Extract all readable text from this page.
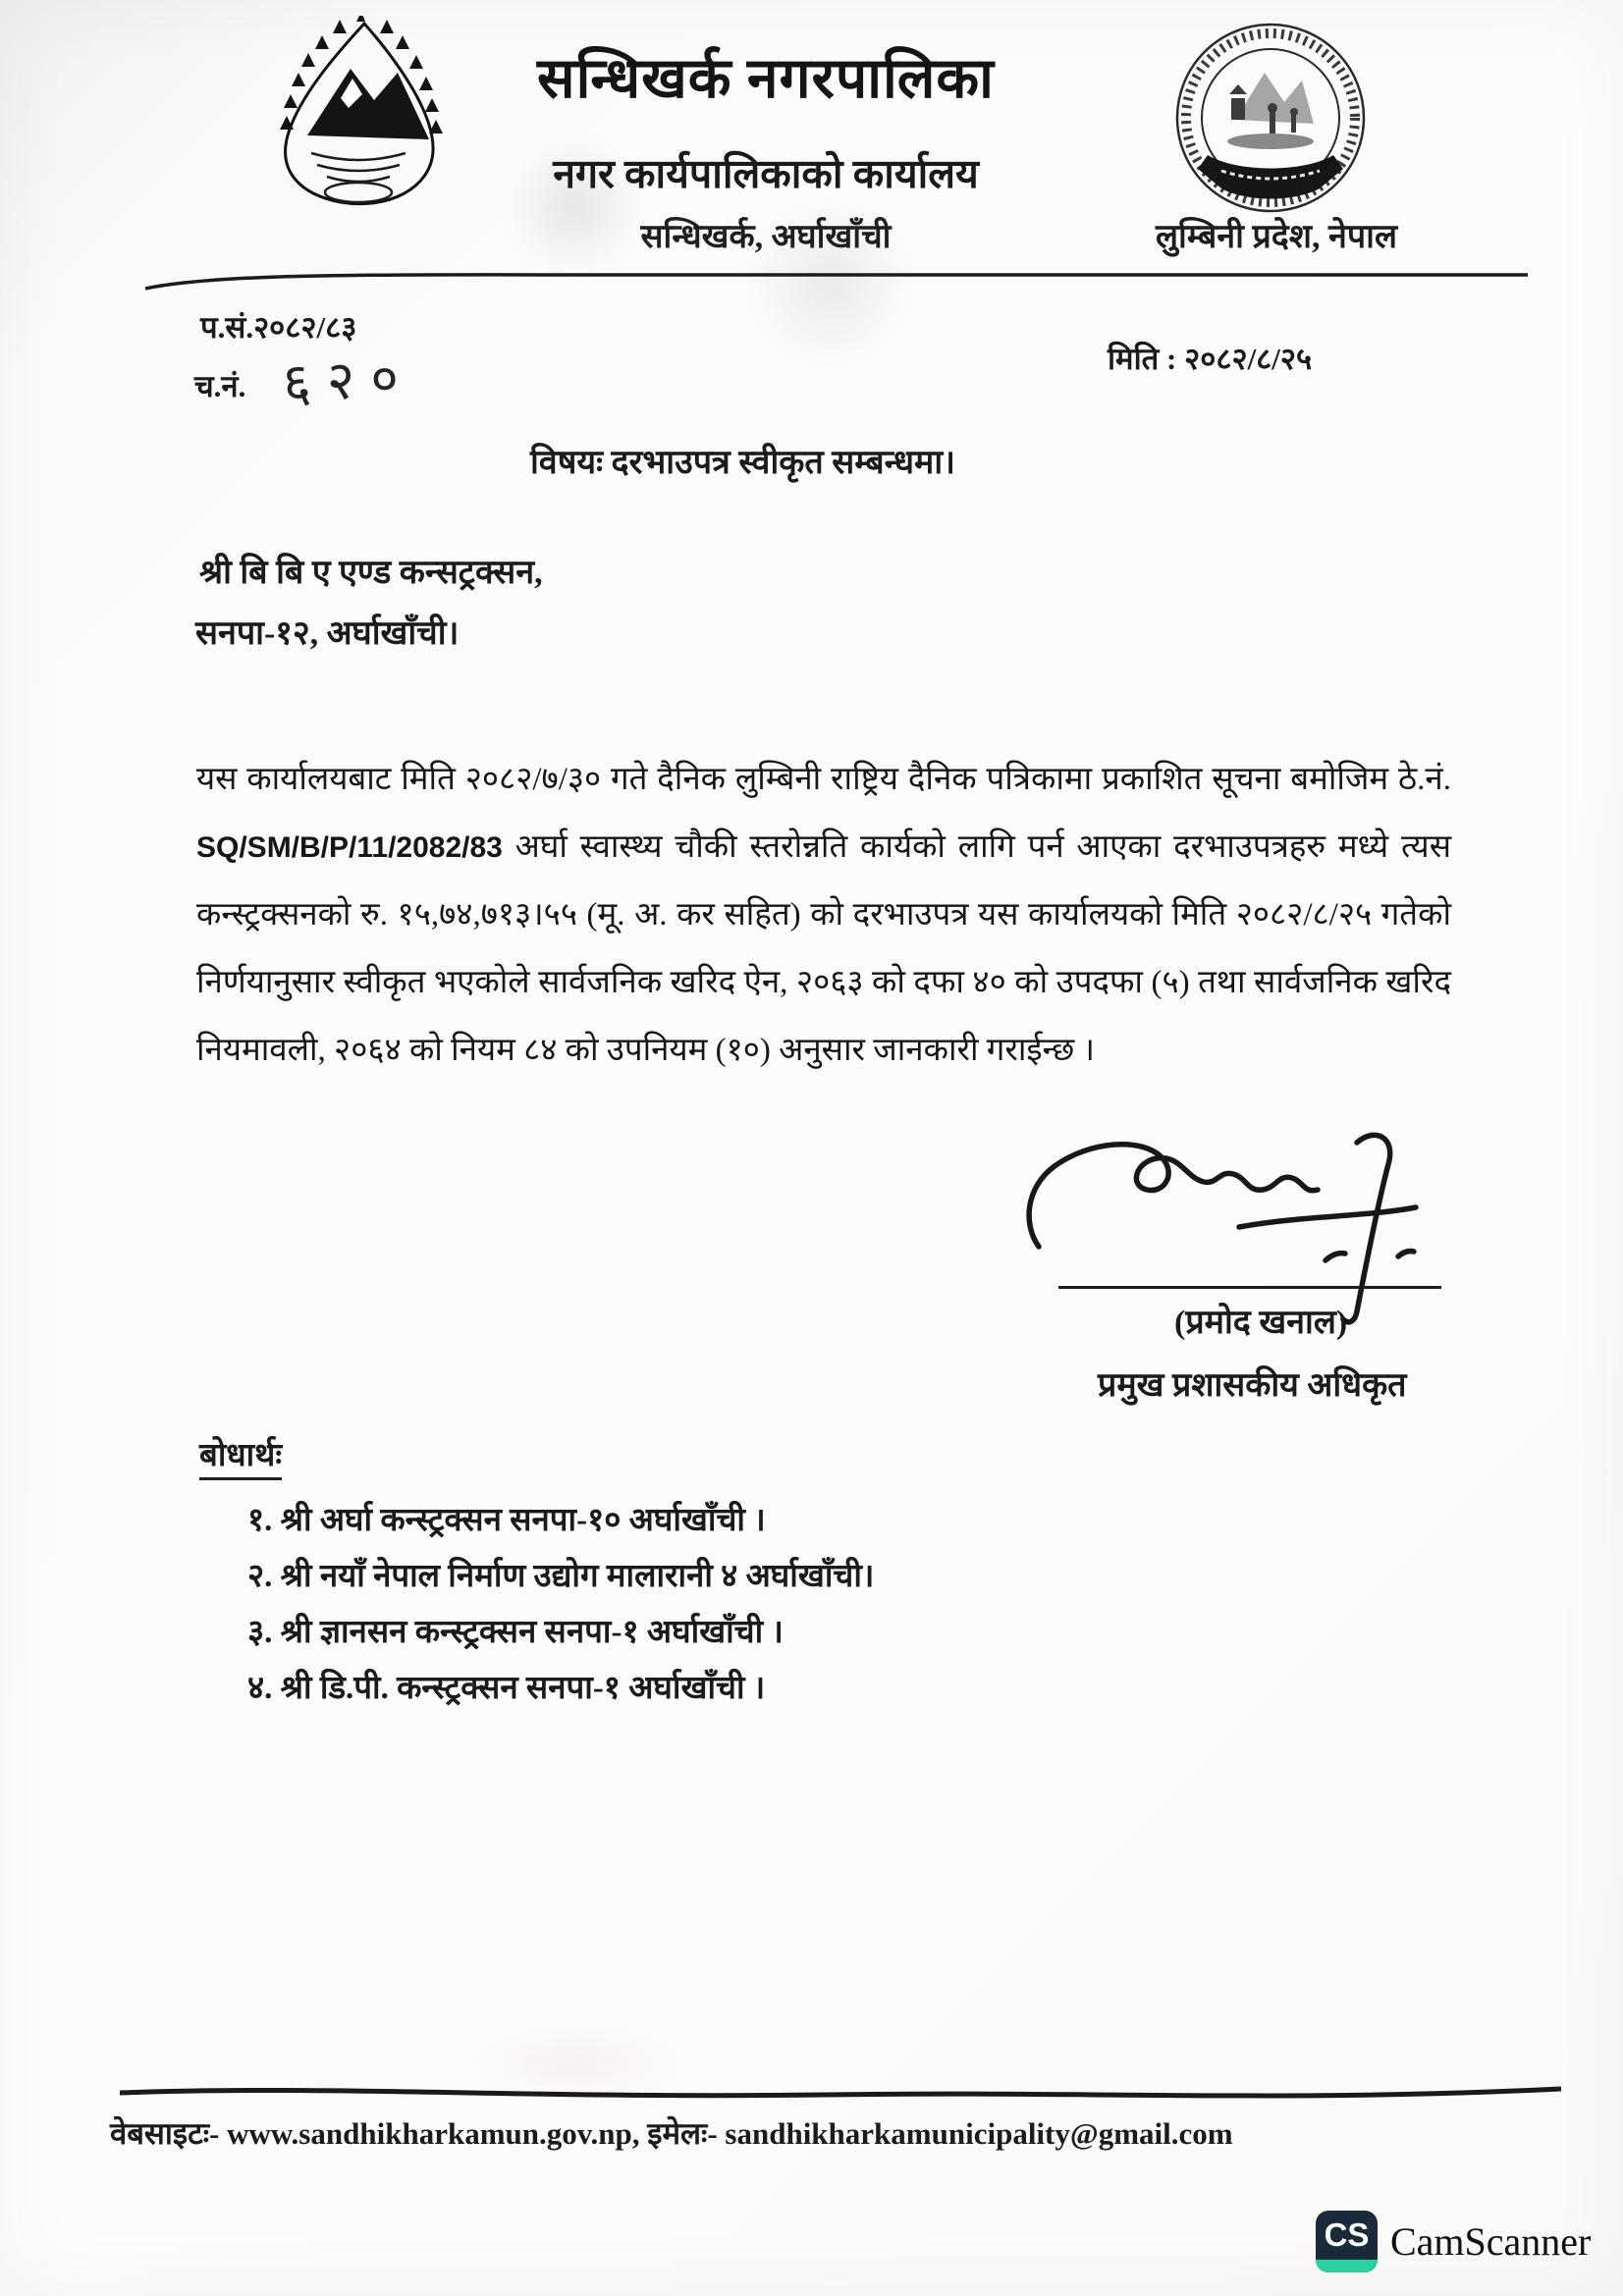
सन्धिखर्क नगरपालिका
नगर कार्यपालिकाको कार्यालय
सन्धिखर्क, अर्घाखाँची	लुम्बिनी प्रदेश, नेपाल
प.सं.२०८२/८३
च.नं. ६२०	मिति : २०८२/८/२५
विषयः दरभाउपत्र स्वीकृत सम्बन्धमा।
श्री बि बि ए एण्ड कन्सट्रक्सन,
सनपा-१२, अर्घाखाँची।
यस कार्यालयबाट मिति २०८२/७/३० गते दैनिक लुम्बिनी राष्ट्रिय दैनिक पत्रिकामा प्रकाशित सूचना बमोजिम ठे.नं. SQ/SM/B/P/11/2082/83 अर्घा स्वास्थ्य चौकी स्तरोन्नति कार्यको लागि पर्न आएका दरभाउपत्रहरु मध्ये त्यस कन्स्ट्रक्सनको रु. १५,७४,७१३।५५ (मू. अ. कर सहित) को दरभाउपत्र यस कार्यालयको मिति २०८२/८/२५ गतेको निर्णयानुसार स्वीकृत भएकोले सार्वजनिक खरिद ऐन, २०६३ को दफा ४० को उपदफा (५) तथा सार्वजनिक खरिद नियमावली, २०६४ को नियम ८४ को उपनियम (१०) अनुसार जानकारी गराईन्छ ।
(प्रमोद खनाल)
प्रमुख प्रशासकीय अधिकृत
बोधार्थः
१. श्री अर्घा कन्स्ट्रक्सन सनपा-१० अर्घाखाँची ।
२. श्री नयाँ नेपाल निर्माण उद्योग मालारानी ४ अर्घाखाँची।
३. श्री ज्ञानसन कन्स्ट्रक्सन सनपा-१ अर्घाखाँची ।
४. श्री डि.पी. कन्स्ट्रक्सन सनपा-१ अर्घाखाँची ।
वेबसाइटः- www.sandhikharkamun.gov.np, इमेलः- sandhikharkamunicipality@gmail.com
CS CamScanner
